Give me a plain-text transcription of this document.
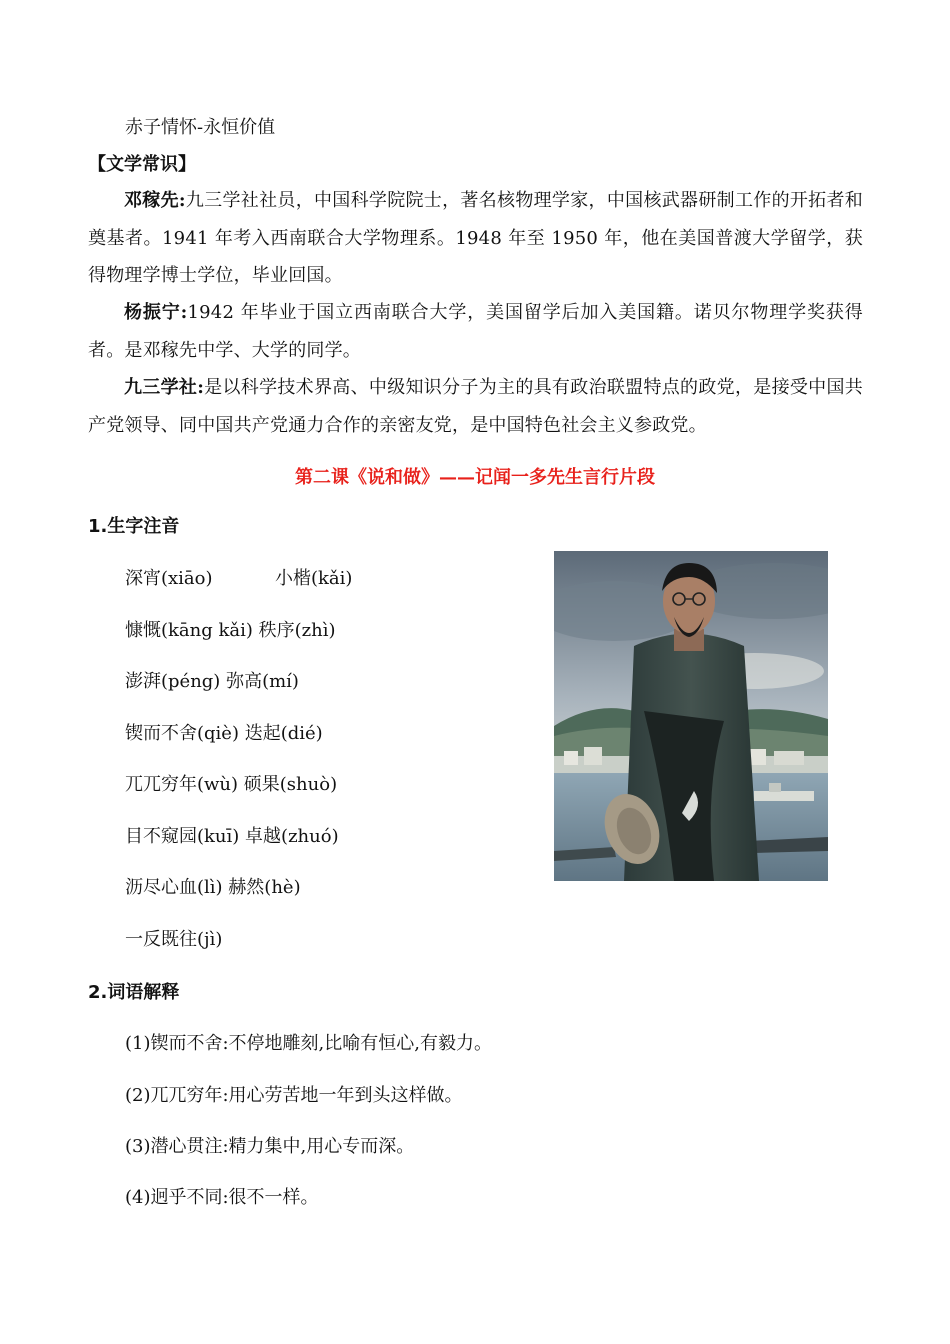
赤子情怀-永恒价值
【文学常识】
邓稼先:九三学社社员，中国科学院院士，著名核物理学家，中国核武器研制工作的开拓者和奠基者。1941 年考入西南联合大学物理系。1948 年至 1950 年，他在美国普渡大学留学，获得物理学博士学位，毕业回国。
杨振宁:1942 年毕业于国立西南联合大学，美国留学后加入美国籍。诺贝尔物理学奖获得者。是邓稼先中学、大学的同学。
九三学社:是以科学技术界高、中级知识分子为主的具有政治联盟特点的政党，是接受中国共产党领导、同中国共产党通力合作的亲密友党，是中国特色社会主义参政党。
第二课《说和做》——记闻一多先生言行片段
1.生字注音
深宵(xiāo)	小楷(kǎi)
慷慨(kāng kǎi) 秩序(zhì)
澎湃(péng) 弥高(mí)
锲而不舍(qiè) 迭起(dié)
兀兀穷年(wù) 硕果(shuò)
目不窥园(kuī) 卓越(zhuó)
沥尽心血(lì) 赫然(hè)
一反既往(jì)
2.词语解释
(1)锲而不舍:不停地雕刻,比喻有恒心,有毅力。
(2)兀兀穷年:用心劳苦地一年到头这样做。
(3)潜心贯注:精力集中,用心专而深。
(4)迥乎不同:很不一样。
